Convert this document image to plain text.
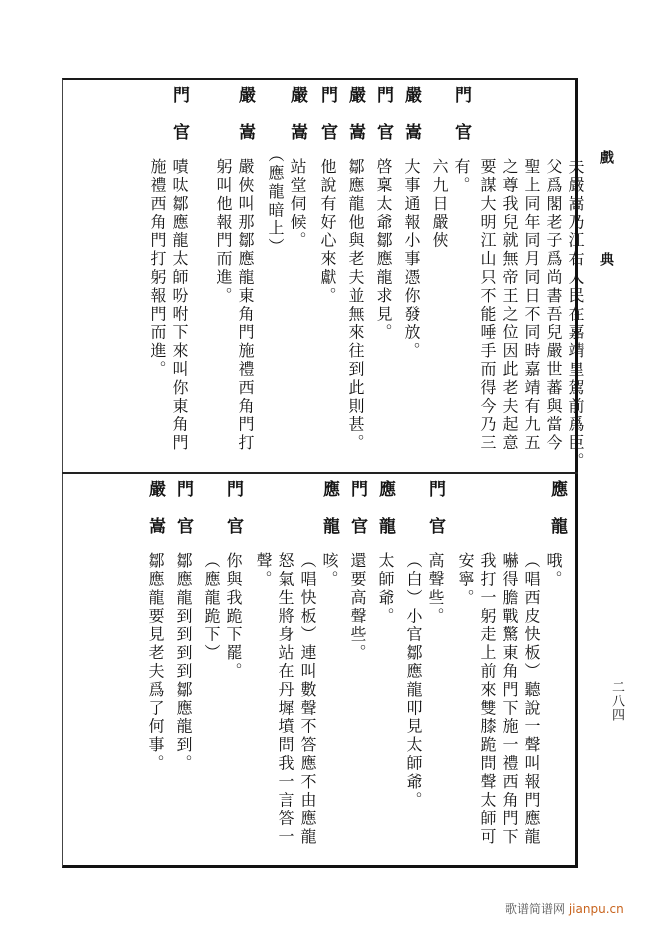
戲
典
二八四
夫嚴嵩乃江右人民在嘉靖皇駕前爲臣。
父爲閣老子爲尚書吾兒嚴世蕃與當今
聖上同年同月同日不同時嘉靖有九五
之尊我兒就無帝王之位因此老夫起意
要謀大明江山只不能唾手而得今乃三
門官
有。
六九日嚴俠
嚴嵩
大事通報小事憑你發放。
門官
啓稟太爺鄒應龍求見。
嚴嵩
鄒應龍他與老夫並無來往到此則甚。
門官
他說有好心來獻。
嚴嵩
站堂伺候。
（應龍暗上）
嚴嵩
嚴俠叫那鄒應龍東角門施禮西角門打
躬叫他報門而進。
門官
嘖呔鄒應龍太師吩咐下來叫你東角門
施禮西角門打躬報門而進。
應龍
哦。
（唱西皮快板）聽說一聲叫報門應龍
嚇得膽戰驚東角門下施一禮西角門下
我打一躬走上前來雙膝跪問聲太師可
安寧。
門官
高聲些。
（白）小官鄒應龍叩見太師爺。
應龍
太師爺。
門官
還要高聲些。
應龍
咳。
（唱快板）連叫數聲不答應不由應龍
怒氣生將身站在丹墀墳問我一言答一
聲。
門官
你與我跪下罷。
（應龍跪下）
門官
鄒應龍到到到到鄒應龍到。
嚴嵩
鄒應龍要見老夫爲了何事。
歌谱简谱网 jianpu.cn
